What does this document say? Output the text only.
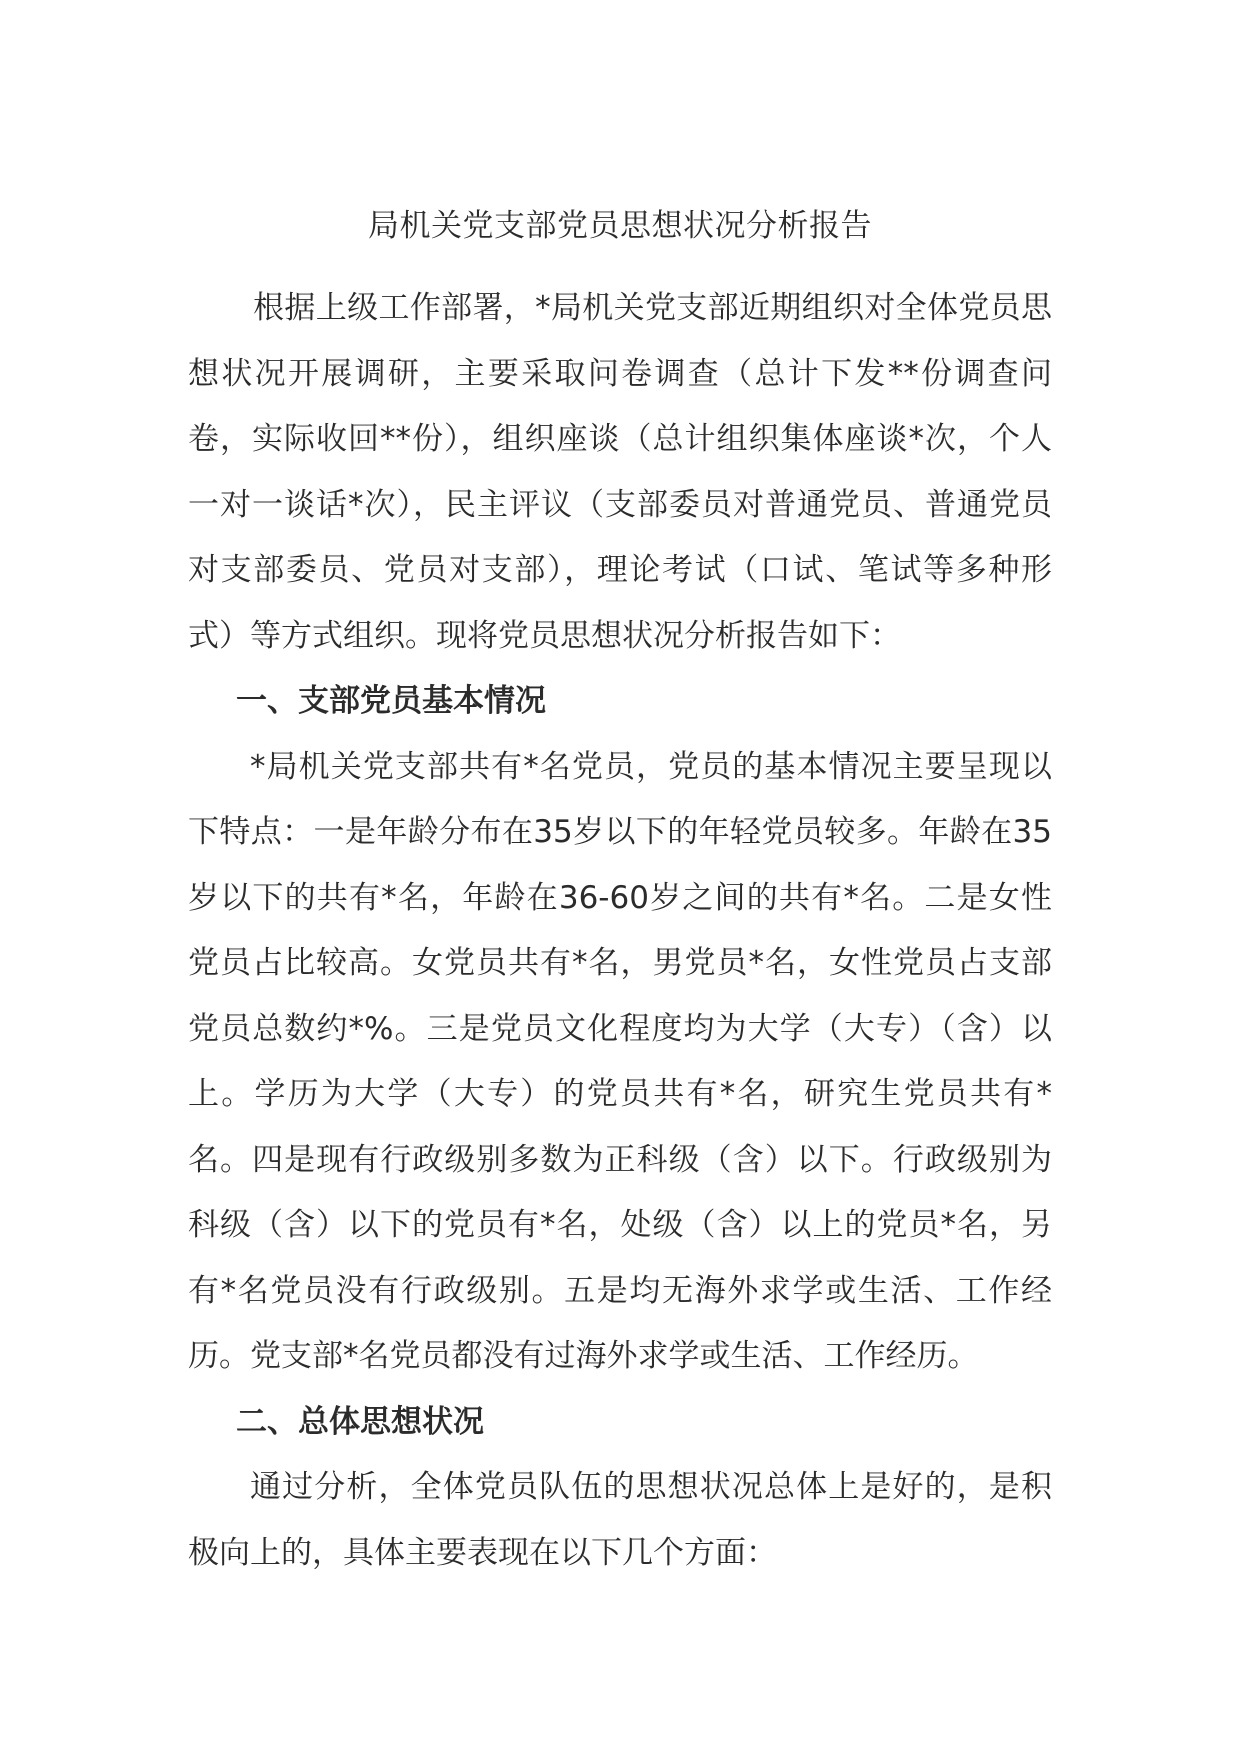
局机关党支部党员思想状况分析报告

根据上级工作部署，*局机关党支部近期组织对全体党员思想状况开展调研，主要采取问卷调查（总计下发**份调查问卷，实际收回**份），组织座谈（总计组织集体座谈*次，个人一对一谈话*次），民主评议（支部委员对普通党员、普通党员对支部委员、党员对支部），理论考试（口试、笔试等多种形式）等方式组织。现将党员思想状况分析报告如下：

一、支部党员基本情况

*局机关党支部共有*名党员，党员的基本情况主要呈现以下特点：一是年龄分布在35岁以下的年轻党员较多。年龄在35岁以下的共有*名，年龄在36-60岁之间的共有*名。二是女性党员占比较高。女党员共有*名，男党员*名，女性党员占支部党员总数约*%。三是党员文化程度均为大学（大专）（含）以上。学历为大学（大专）的党员共有*名，研究生党员共有*名。四是现有行政级别多数为正科级（含）以下。行政级别为科级（含）以下的党员有*名，处级（含）以上的党员*名，另有*名党员没有行政级别。五是均无海外求学或生活、工作经历。党支部*名党员都没有过海外求学或生活、工作经历。

二、总体思想状况

通过分析，全体党员队伍的思想状况总体上是好的，是积极向上的，具体主要表现在以下几个方面：
